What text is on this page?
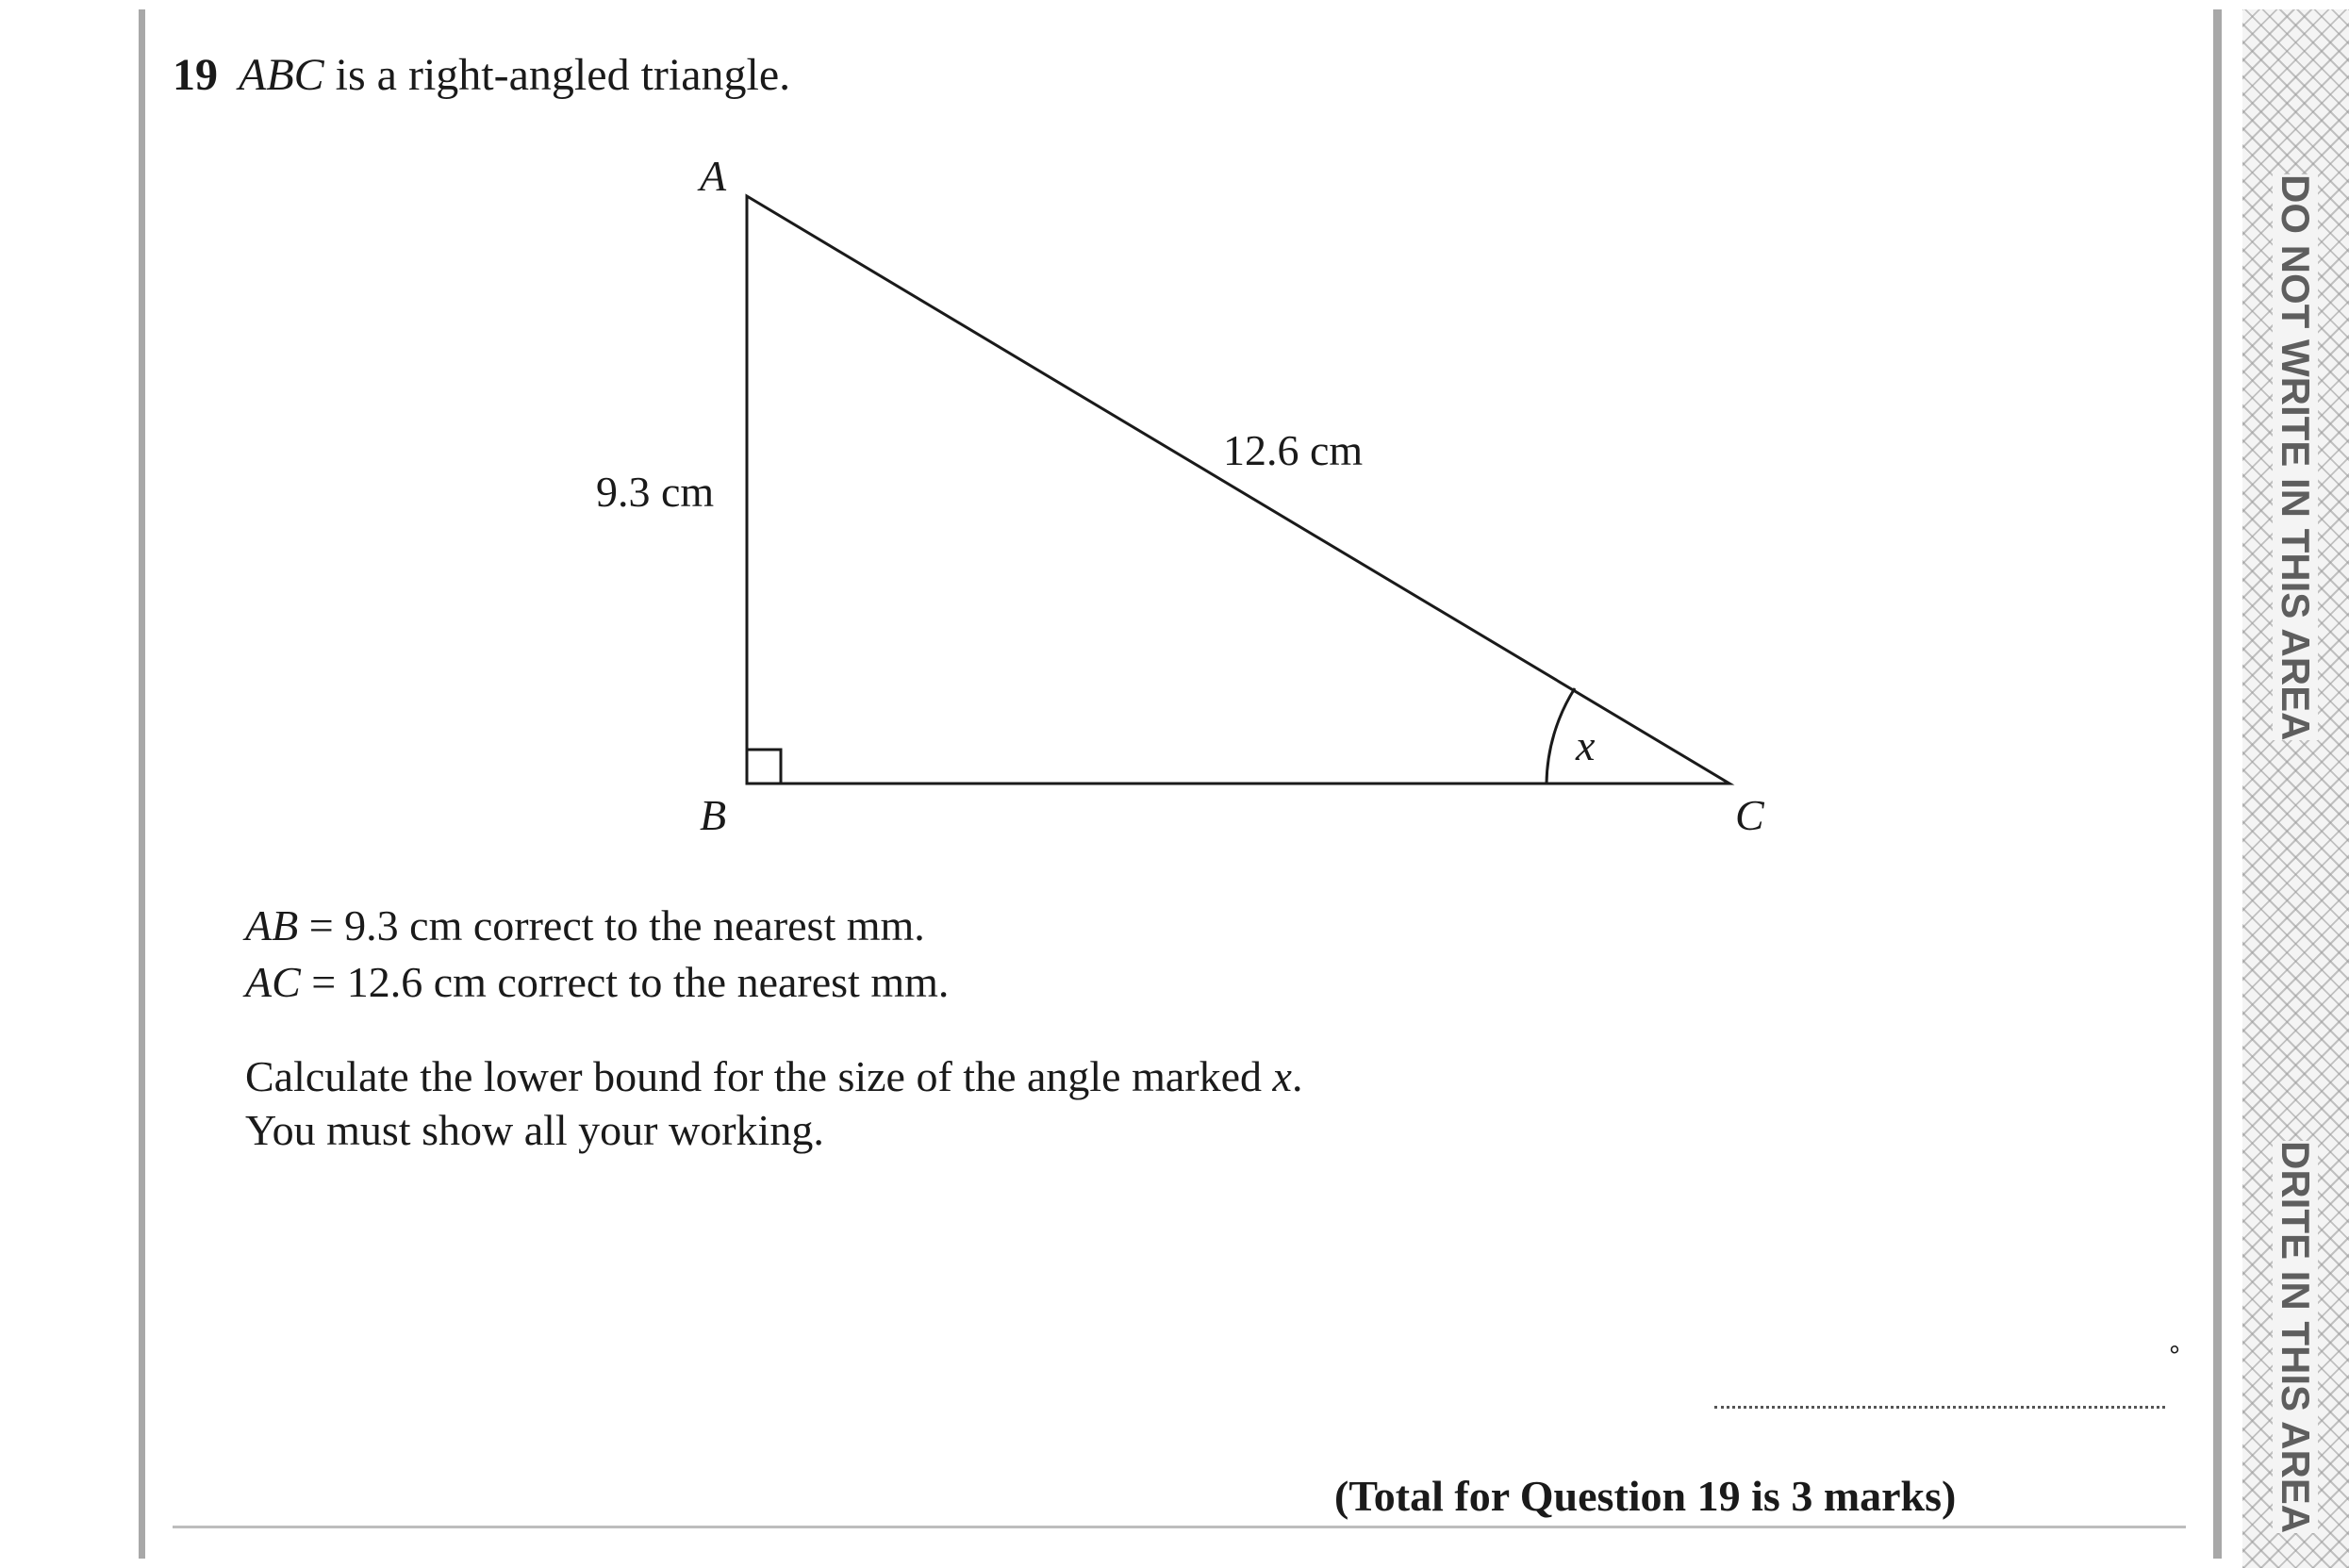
DO NOT WRITE IN THIS AREA
DRITE IN THIS AREA
19 ABC is a right-angled triangle.
A
B	C
9.3 cm
12.6 cm
x
AB = 9.3 cm correct to the nearest mm.
AC = 12.6 cm correct to the nearest mm.
Calculate the lower bound for the size of the angle marked x.
You must show all your working.
°
(Total for Question 19 is 3 marks)
